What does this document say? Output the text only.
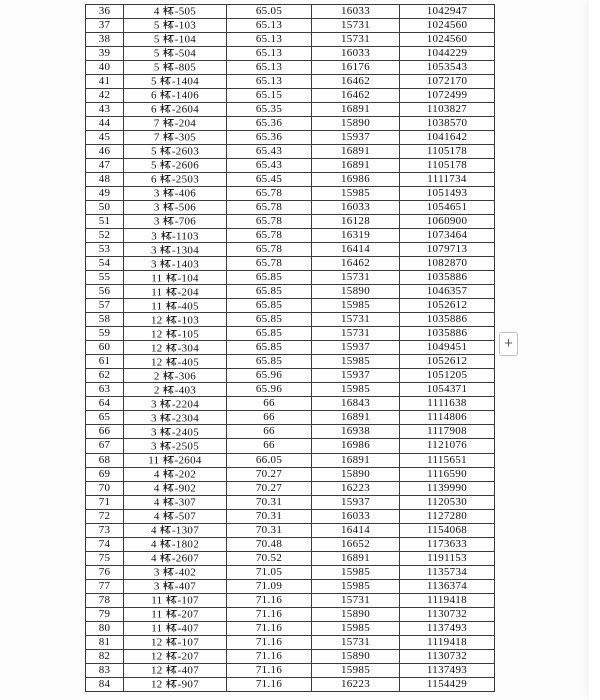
36	4 -505	65.05	16033	1042947
37	5 -103	65.13	15731	1024560
38	5 -104	65.13	15731	1024560
39	5 -504	65.13	16033	1044229
40	5 -805	65.13	16176	1053543
41	5 -1404	65.13	16462	1072170
42	6 -1406	65.15	16462	1072499
43	6 -2604	65.35	16891	1103827
44	7 -204	65.36	15890	1038570
45	7 -305	65.36	15937	1041642
46	5 -2603	65.43	16891	1105178
47	5 -2606	65.43	16891	1105178
48	6 -2503	65.45	16986	1111734
49	3 -406	65.78	15985	1051493
50	3 -506	65.78	16033	1054651
51	3 -706	65.78	16128	1060900
52	3 -1103	65.78	16319	1073464
53	3 -1304	65.78	16414	1079713
54	3 -1403	65.78	16462	1082870
55	11 -104	65.85	15731	1035886
56	11 -204	65.85	15890	1046357
57	11 -405	65.85	15985	1052612
58	12 -103	65.85	15731	1035886
59	12 -105	65.85	15731	1035886
60	12 -304	65.85	15937	1049451
61	12 -405	65.85	15985	1052612
62	2 -306	65.96	15937	1051205
63	2 -403	65.96	15985	1054371
64	3 -2204	66	16843	1111638
65	3 -2304	66	16891	1114806
66	3 -2405	66	16938	1117908
67	3 -2505	66	16986	1121076
68	11 -2604	66.05	16891	1115651
69	4 -202	70.27	15890	1116590
70	4 -902	70.27	16223	1139990
71	4 -307	70.31	15937	1120530
72	4 -507	70.31	16033	1127280
73	4 -1307	70.31	16414	1154068
74	4 -1802	70.48	16652	1173633
75	4 -2607	70.52	16891	1191153
76	3 -402	71.05	15985	1135734
77	3 -407	71.09	15985	1136374
78	11 -107	71.16	15731	1119418
79	11 -207	71.16	15890	1130732
80	11 -407	71.16	15985	1137493
81	12 -107	71.16	15731	1119418
82	12 -207	71.16	15890	1130732
83	12 -407	71.16	15985	1137493
84	12 -907	71.16	16223	1154429
+
